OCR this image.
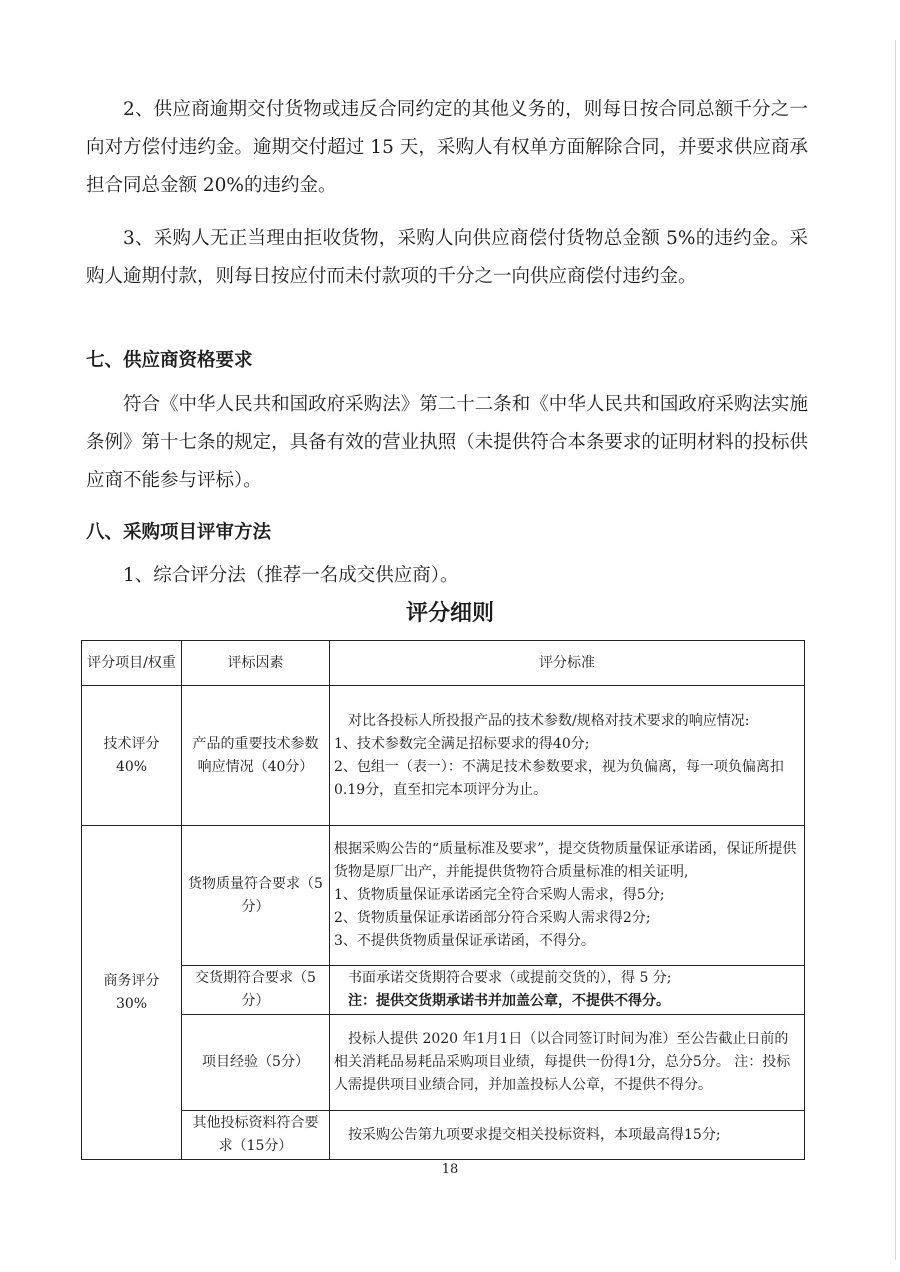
2、供应商逾期交付货物或违反合同约定的其他义务的，则每日按合同总额千分之一向对方偿付违约金。逾期交付超过 15 天，采购人有权单方面解除合同，并要求供应商承担合同总金额 20%的违约金。

3、采购人无正当理由拒收货物，采购人向供应商偿付货物总金额 5%的违约金。采购人逾期付款，则每日按应付而未付款项的千分之一向供应商偿付违约金。

七、供应商资格要求

符合《中华人民共和国政府采购法》第二十二条和《中华人民共和国政府采购法实施条例》第十七条的规定，具备有效的营业执照（未提供符合本条要求的证明材料的投标供应商不能参与评标）。

八、采购项目评审方法

1、综合评分法（推荐一名成交供应商）。

评分细则
评分项目/权重	评标因素	评分标准

技术评分
40%	产品的重要技术参数响应情况（40分）	对比各投标人所投报产品的技术参数/规格对技术要求的响应情况:
1、技术参数完全满足招标要求的得40分;
2、包组一（表一）：不满足技术参数要求，视为负偏离，每一项负偏离扣0.19分，直至扣完本项评分为止。

商务评分
30%	货物质量符合要求（5分）	根据采购公告的“质量标准及要求”，提交货物质量保证承诺函，保证所提供货物是原厂出产，并能提供货物符合质量标准的相关证明,
1、货物质量保证承诺函完全符合采购人需求，得5分;
2、货物质量保证承诺函部分符合采购人需求得2分;
3、不提供货物质量保证承诺函，不得分。

	交货期符合要求（5分）	书面承诺交货期符合要求（或提前交货的），得 5 分;
注：提供交货期承诺书并加盖公章，不提供不得分。

	项目经验（5分）	投标人提供 2020 年1月1日（以合同签订时间为准）至公告截止日前的相关消耗品易耗品采购项目业绩，每提供一份得1分，总分5分。 注：投标人需提供项目业绩合同，并加盖投标人公章，不提供不得分。

	其他投标资料符合要求（15分）	按采购公告第九项要求提交相关投标资料，本项最高得15分;
18
